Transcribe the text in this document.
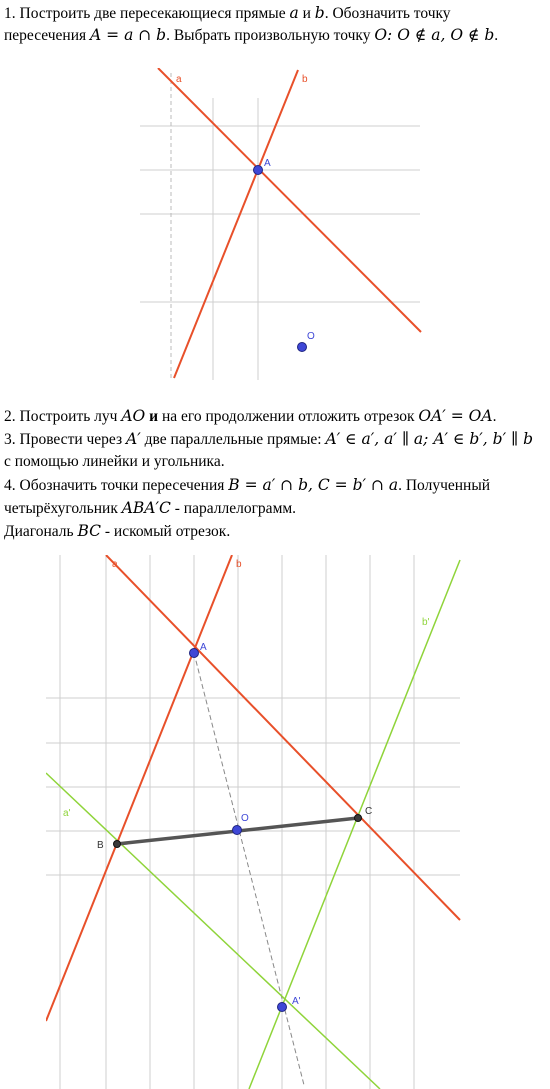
1. Построить две пересекающиеся прямые a и b. Обозначить точку
пересечения A = a ∩ b. Выбрать произвольную точку O: O ∉ a, O ∉ b.
a	b
A
O
2. Построить луч AO и на его продолжении отложить отрезок OA′ = OA.
3. Провести через A′ две параллельные прямые: A′ ∈ a′, a′ ∥ a; A′ ∈ b′, b′ ∥ b
с помощью линейки и угольника.
4. Обозначить точки пересечения B = a′ ∩ b, C = b′ ∩ a. Полученный
четырёхугольник ABA′C - параллелограмм.
Диагональ BC - искомый отрезок.
a	b
b'
a'
A
B
C
O
A'
